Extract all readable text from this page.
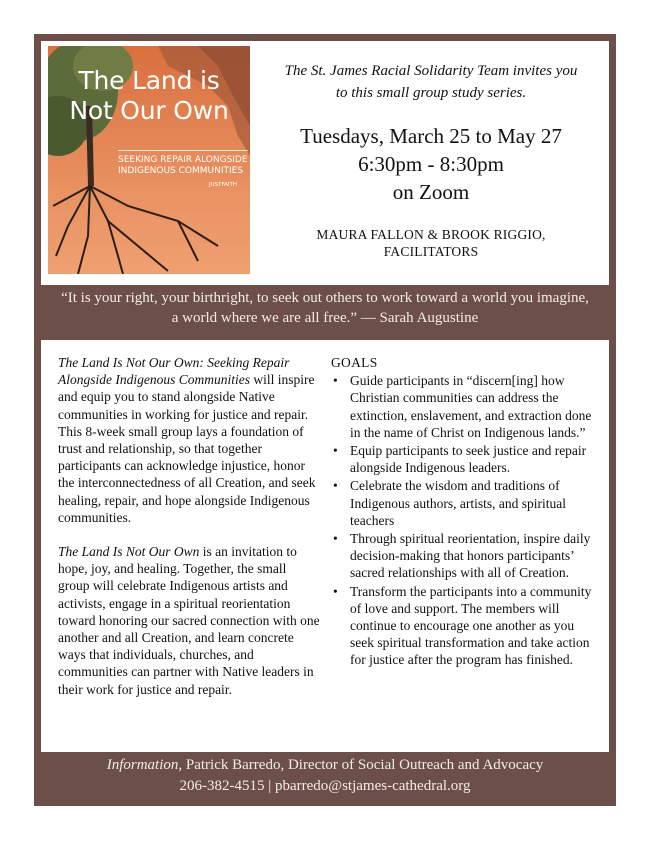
The Land is
Not Our Own
SEEKING REPAIR ALONGSIDE
INDIGENOUS COMMUNITIES
JUSTFAITH
The St. James Racial Solidarity Team invites you
to this small group study series.
Tuesdays, March 25 to May 27
6:30pm - 8:30pm
on Zoom
MAURA FALLON & BROOK RIGGIO,
FACILITATORS
“It is your right, your birthright, to seek out others to work toward a world you imagine, a world where we are all free.” — Sarah Augustine

The Land Is Not Our Own: Seeking Repair Alongside Indigenous Communities will inspire and equip you to stand alongside Native communities in working for justice and repair. This 8-week small group lays a foundation of trust and relationship, so that together participants can acknowledge injustice, honor the interconnectedness of all Creation, and seek healing, repair, and hope alongside Indigenous communities.

The Land Is Not Our Own is an invitation to hope, joy, and healing. Together, the small group will celebrate Indigenous artists and activists, engage in a spiritual reorientation toward honoring our sacred connection with one another and all Creation, and learn concrete ways that individuals, churches, and communities can partner with Native leaders in their work for justice and repair.

GOALS
• Guide participants in “discern[ing] how Christian communities can address the extinction, enslavement, and extraction done in the name of Christ on Indigenous lands.”
• Equip participants to seek justice and repair alongside Indigenous leaders.
• Celebrate the wisdom and traditions of Indigenous authors, artists, and spiritual teachers
• Through spiritual reorientation, inspire daily decision-making that honors participants’ sacred relationships with all of Creation.
• Transform the participants into a community of love and support. The members will continue to encourage one another as you seek spiritual transformation and take action for justice after the program has finished.
Information, Patrick Barredo, Director of Social Outreach and Advocacy
206-382-4515 | pbarredo@stjames-cathedral.org
